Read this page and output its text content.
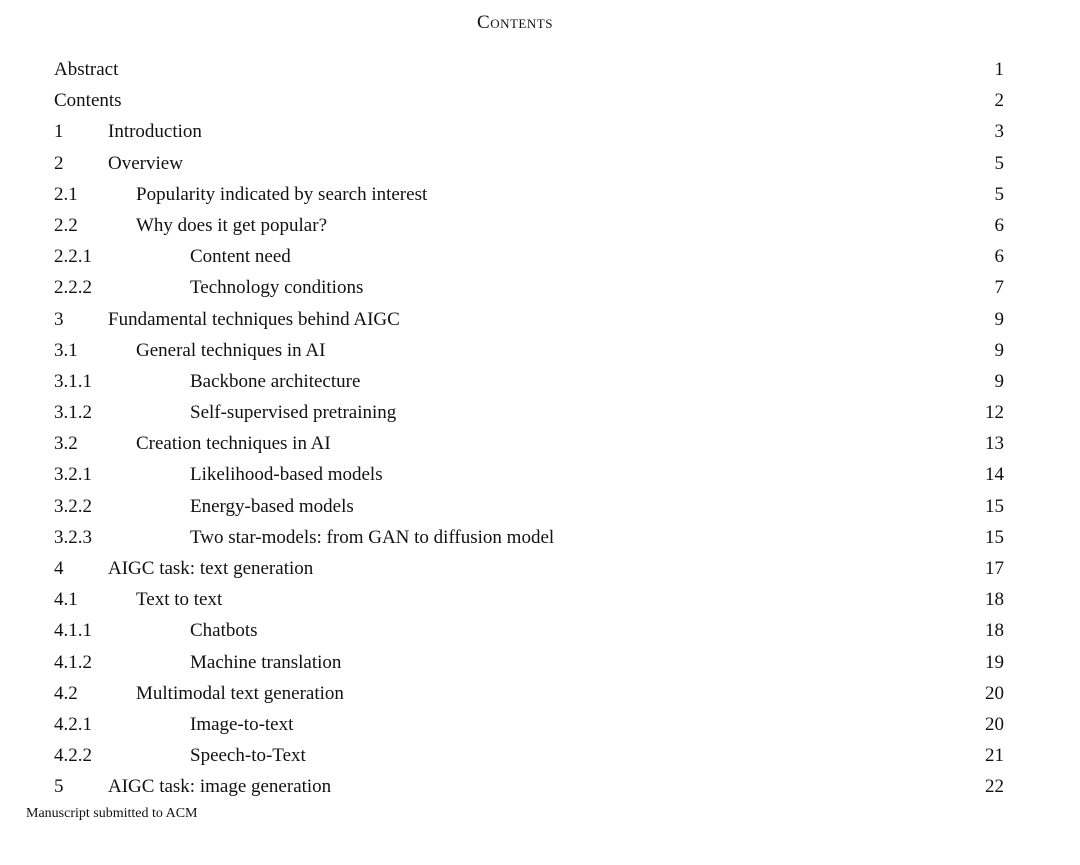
Contents
Abstract	1
Contents	2
1 Introduction	3
2 Overview	5
2.1	Popularity indicated by search interest	5
2.2	Why does it get popular?	6
2.2.1	Content need	6
2.2.2	Technology conditions	7
3 Fundamental techniques behind AIGC	9
3.1	General techniques in AI	9
3.1.1	Backbone architecture	9
3.1.2	Self-supervised pretraining	12
3.2	Creation techniques in AI	13
3.2.1	Likelihood-based models	14
3.2.2	Energy-based models	15
3.2.3	Two star-models: from GAN to diffusion model	15
4 AIGC task: text generation	17
4.1	Text to text	18
4.1.1	Chatbots	18
4.1.2	Machine translation	19
4.2	Multimodal text generation	20
4.2.1	Image-to-text	20
4.2.2	Speech-to-Text	21
5 AIGC task: image generation	22
Manuscript submitted to ACM
